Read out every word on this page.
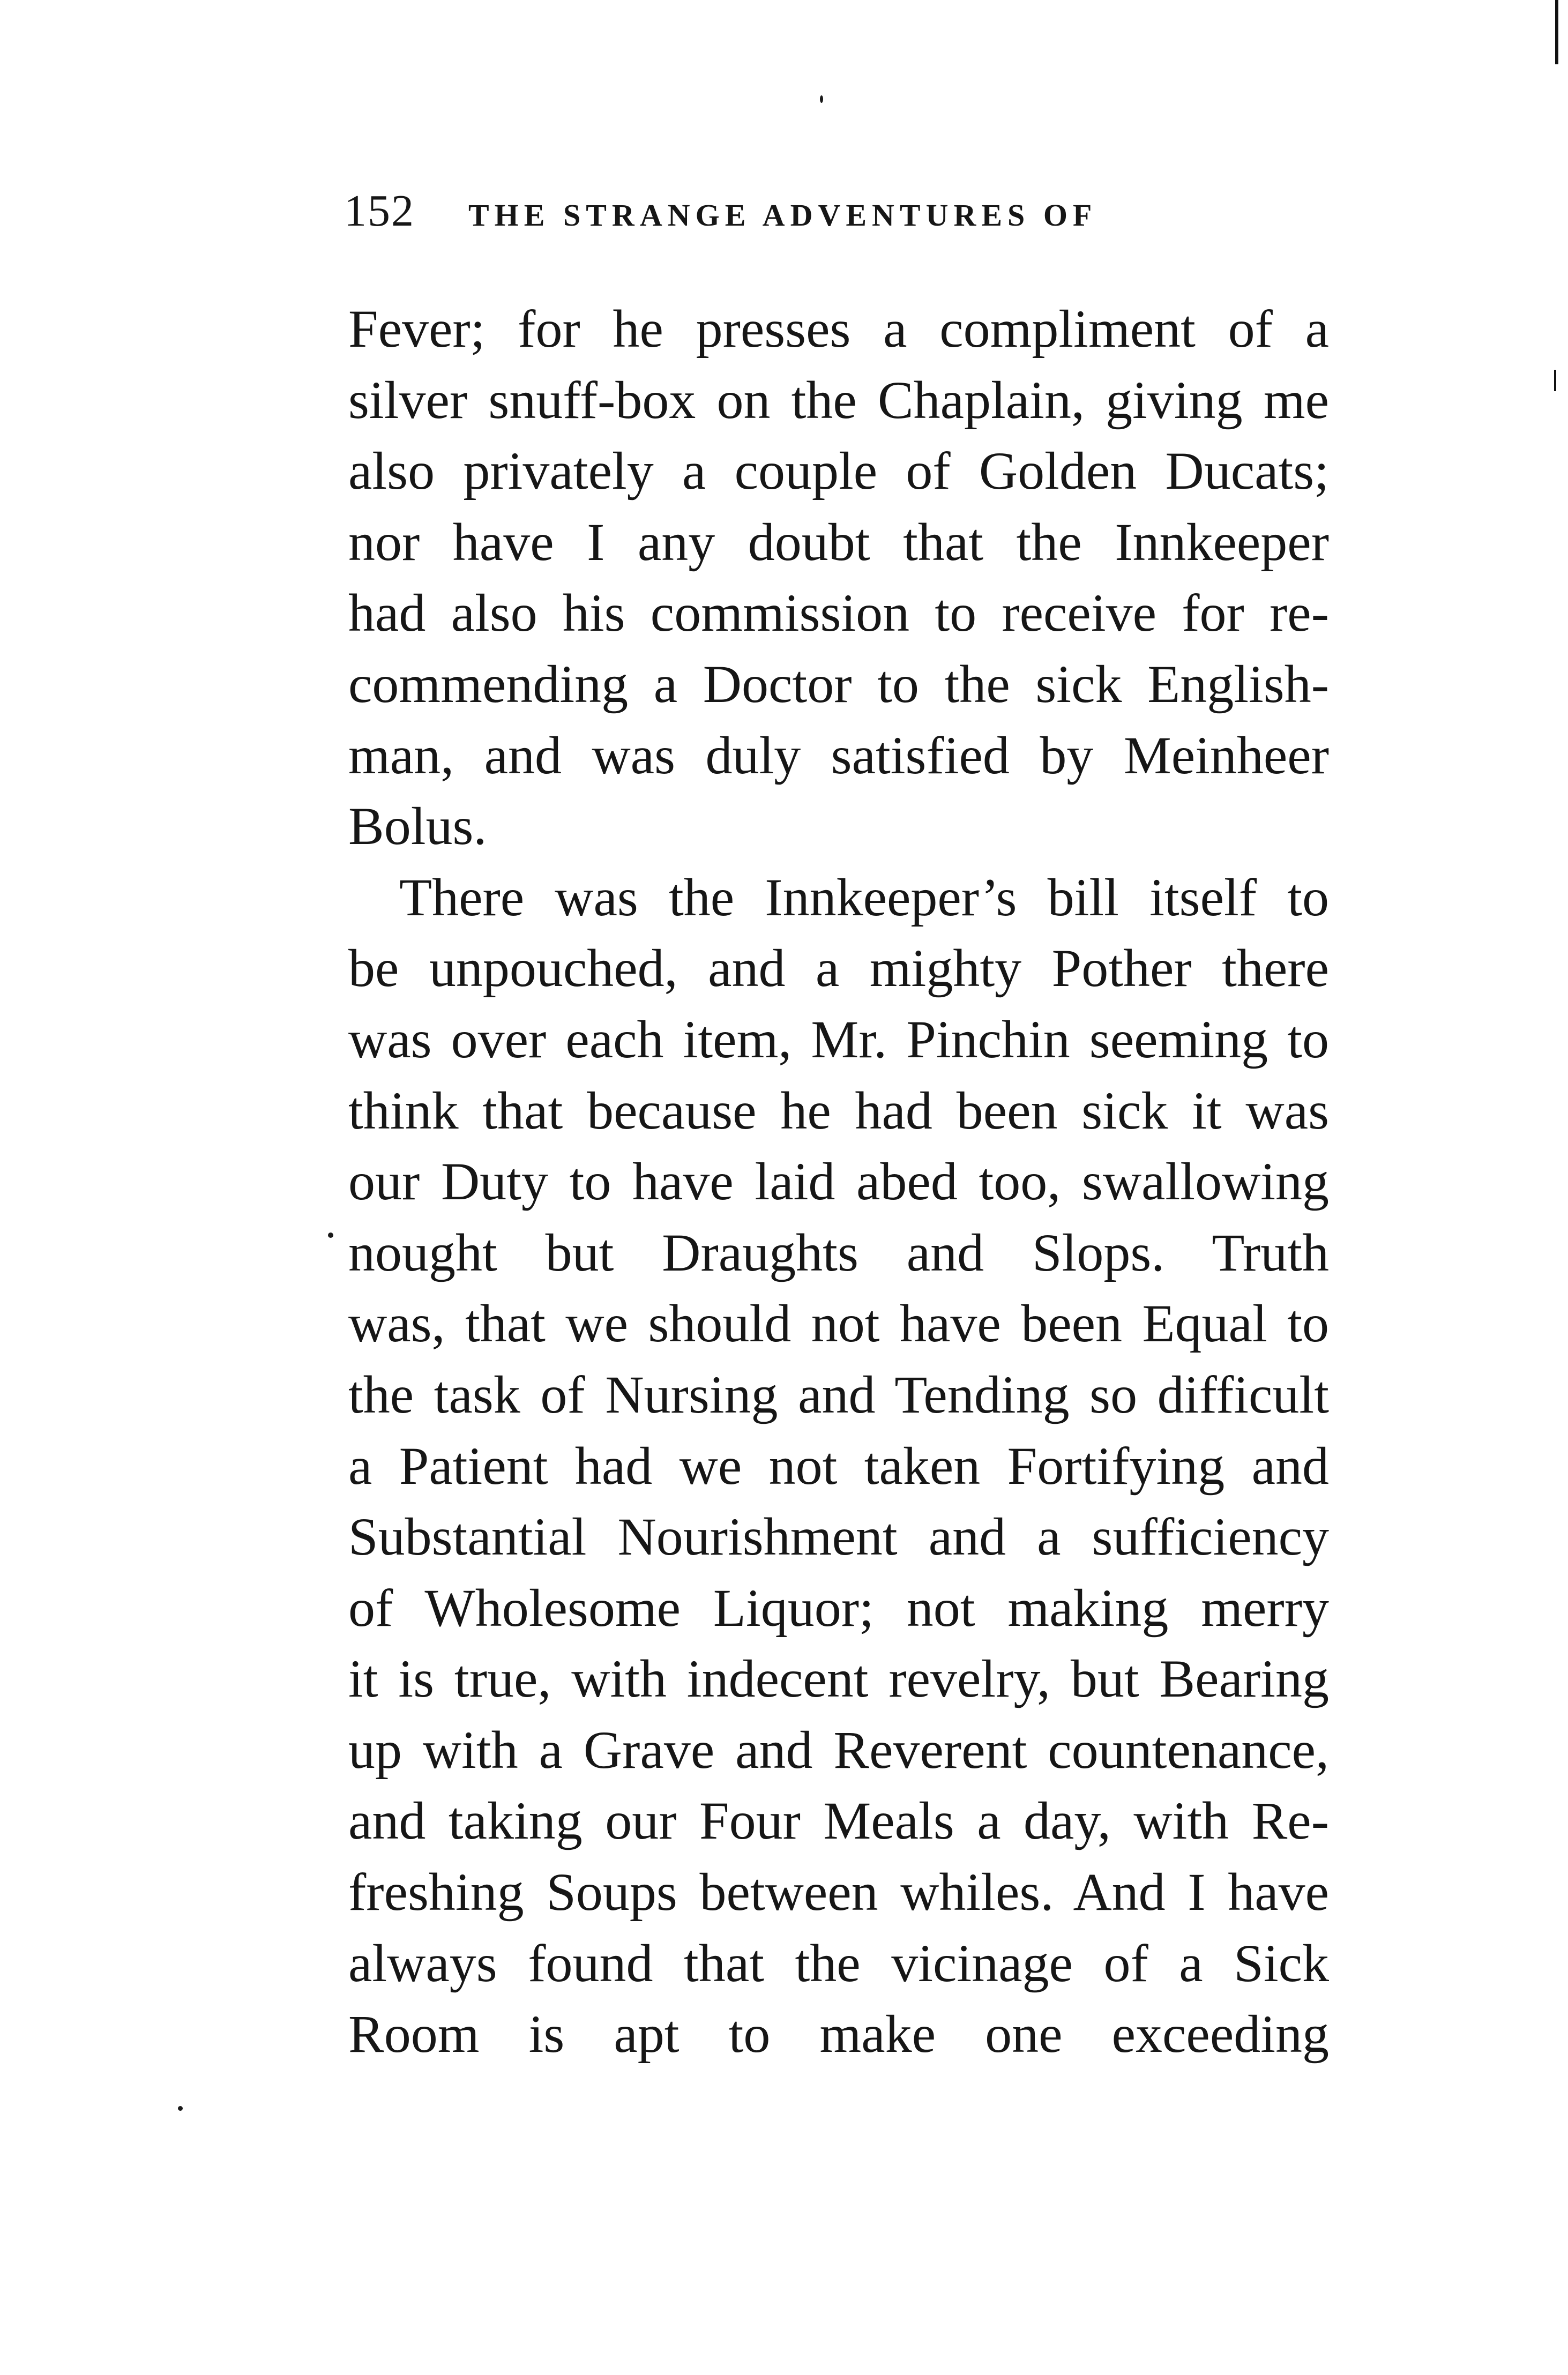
152 THE STRANGE ADVENTURES OF
Fever; for he presses a compliment of a
silver snuff-box on the Chaplain, giving me
also privately a couple of Golden Ducats;
nor have I any doubt that the Innkeeper
had also his commission to receive for re-
commending a Doctor to the sick English-
man, and was duly satisfied by Meinheer
Bolus.
There was the Innkeeper’s bill itself to
be unpouched, and a mighty Pother there
was over each item, Mr. Pinchin seeming to
think that because he had been sick it was
our Duty to have laid abed too, swallowing
nought but Draughts and Slops. Truth
was, that we should not have been Equal to
the task of Nursing and Tending so difficult
a Patient had we not taken Fortifying and
Substantial Nourishment and a sufficiency
of Wholesome Liquor; not making merry
it is true, with indecent revelry, but Bearing
up with a Grave and Reverent countenance,
and taking our Four Meals a day, with Re-
freshing Soups between whiles. And I have
always found that the vicinage of a Sick
Room is apt to make one exceeding
